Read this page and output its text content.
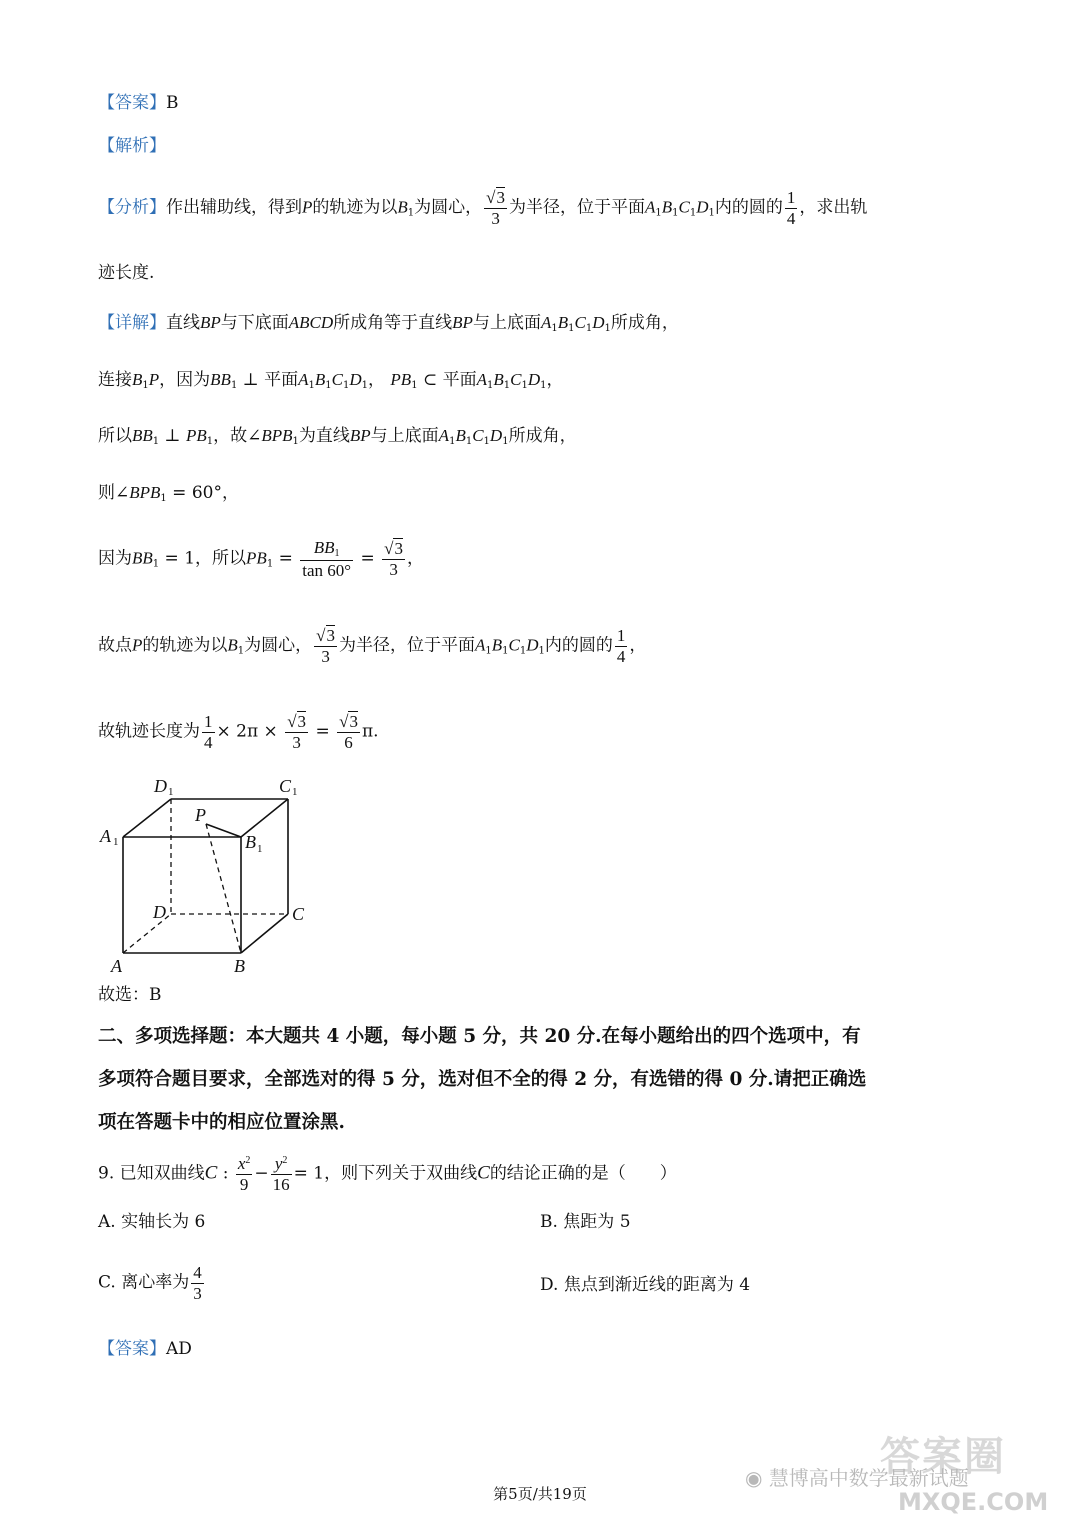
【答案】B
【解析】
【分析】作出辅助线，得到P的轨迹为以$B_1$为圆心， $\frac{√3}{3}$ 为半径，位于平面$A_1B_1C_1D_1$内的圆的 $\frac{1}{4}$ ，求出轨
迹长度.
【详解】直线BP与下底面ABCD所成角等于直线BP与上底面$A_1B_1C_1D_1$所成角，
连接$B_1P$，因为$BB_1$ ⊥ 平面$A_1B_1C_1D_1$， $PB_1$ ⊂ 平面$A_1B_1C_1D_1$，
所以$BB_1$ ⊥ $PB_1$，故$\angle BPB_1$为直线BP与上底面$A_1B_1C_1D_1$所成角，
则$\angle BPB_1 = 60^\circ$，
因为$BB_1 = 1$，所以$PB_1 = \frac{BB_1}{\tan 60^\circ} = \frac{√3}{3}$ ，
故点P的轨迹为以$B_1$为圆心， $\frac{√3}{3}$ 为半径，位于平面$A_1B_1C_1D_1$内的圆的 $\frac{1}{4}$ ，
故轨迹长度为 $\frac{1}{4} \times 2\pi \times \frac{√3}{3} = \frac{√3}{6} \pi$.
D 1	C 1
A 1
P
B 1
D	C
A	B
故选：B
二、多项选择题：本大题共 4 小题，每小题 5 分，共 20 分.在每小题给出的四个选项中，有
多项符合题目要求，全部选对的得 5 分，选对但不全的得 2 分，有选错的得 0 分.请把正确选
项在答题卡中的相应位置涂黑.
9. 已知双曲线C : $\frac{x^2}{9} - \frac{y^2}{16} = 1$，则下列关于双曲线C的结论正确的是（　　）
A. 实轴长为 6	B. 焦距为 5
C. 离心率为 $\frac{4}{3}$	D. 焦点到渐近线的距离为 4
【答案】AD
答案圈
◉ 慧博高中数学最新试题
MXQE.COM
第5页/共19页
